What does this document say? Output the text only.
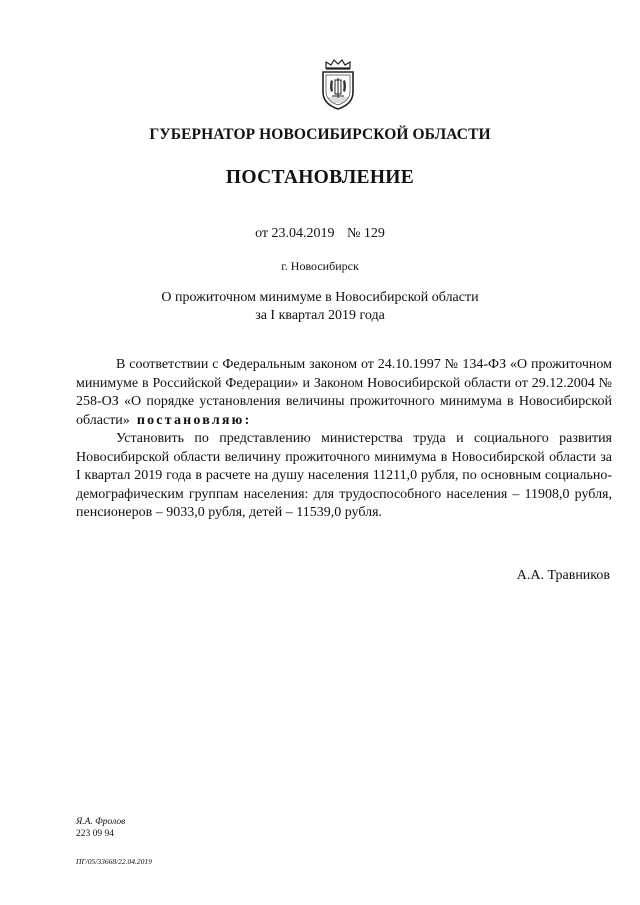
ГУБЕРНАТОР НОВОСИБИРСКОЙ ОБЛАСТИ
ПОСТАНОВЛЕНИЕ
от 23.04.2019 № 129
г. Новосибирск
О прожиточном минимуме в Новосибирской области
за I квартал 2019 года

В соответствии с Федеральным законом от 24.10.1997 № 134-ФЗ «О прожиточном минимуме в Российской Федерации» и Законом Новосибирской области от 29.12.2004 № 258-ОЗ «О порядке установления величины прожиточного минимума в Новосибирской области» постановляю:

Установить по представлению министерства труда и социального развития Новосибирской области величину прожиточного минимума в Новосибирской области за I квартал 2019 года в расчете на душу населения 11211,0 рубля, по основным социально-демографическим группам населения: для трудоспособного населения – 11908,0 рубля, пенсионеров – 9033,0 рубля, детей – 11539,0 рубля.

А.А. Травников
Я.А. Фролов
223 09 94
ПГ/05/33668/22.04.2019
